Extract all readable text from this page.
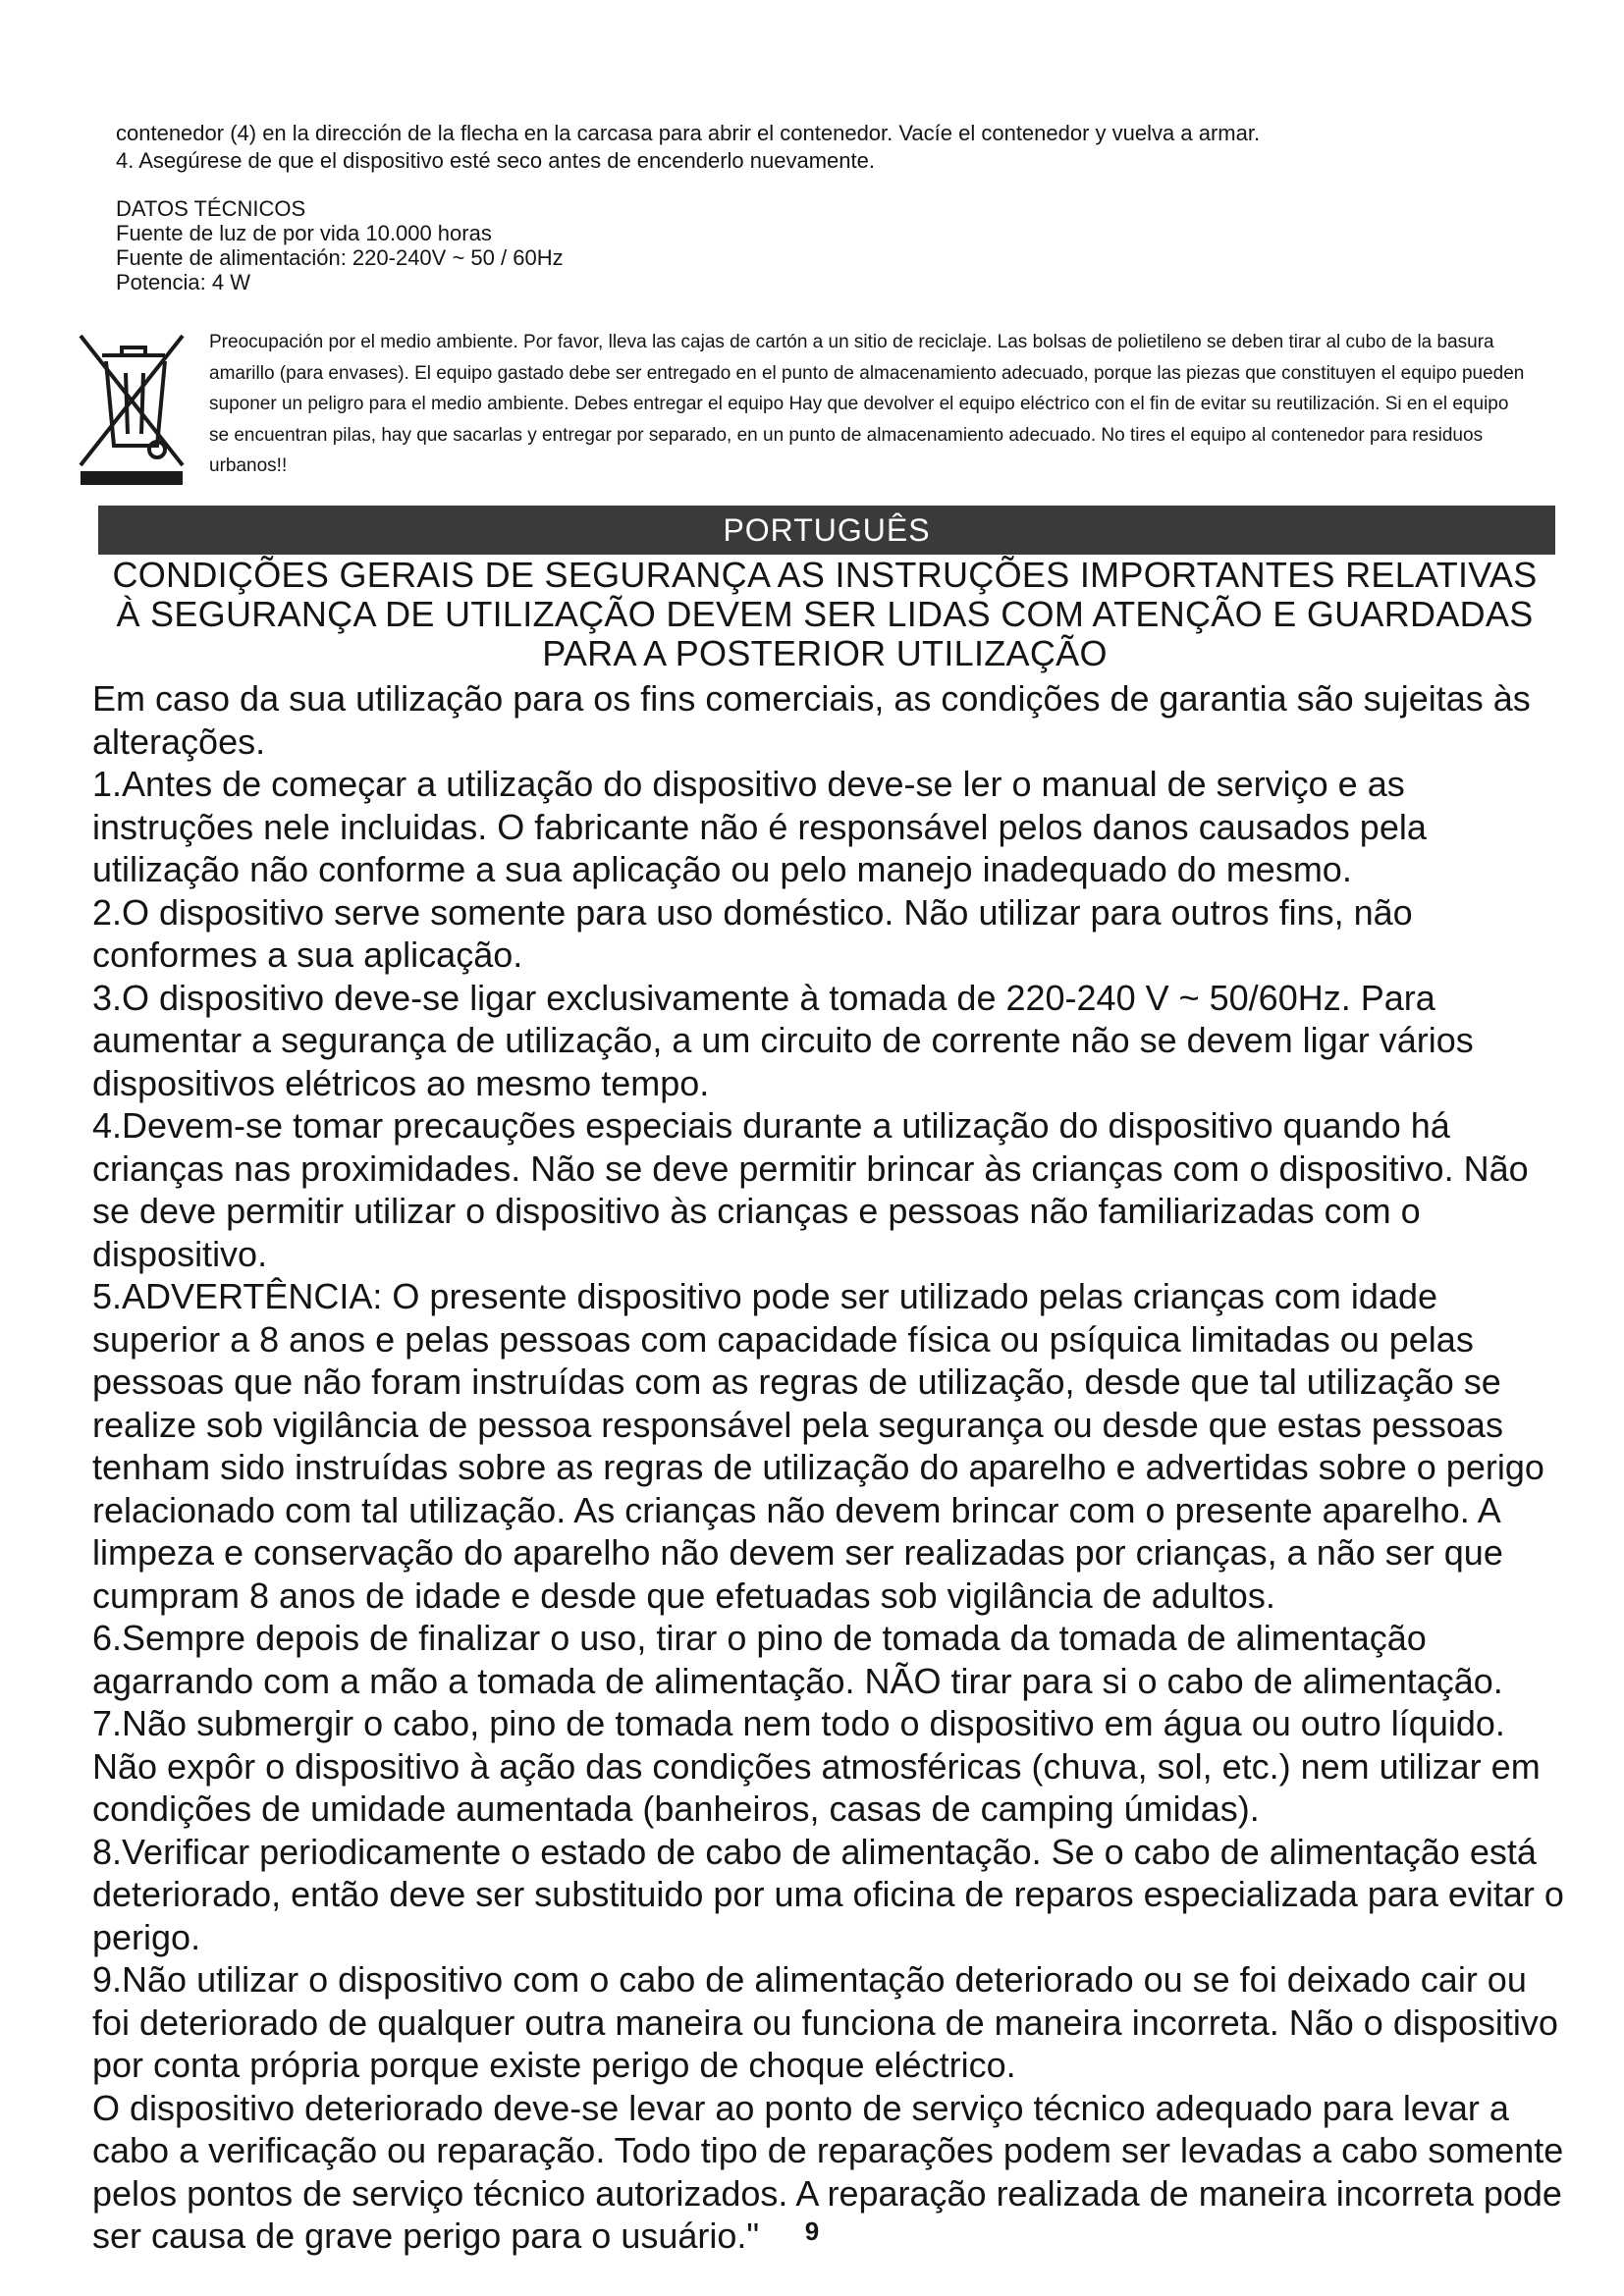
contenedor (4) en la dirección de la flecha en la carcasa para abrir el contenedor. Vacíe el contenedor y vuelva a armar.

4. Asegúrese de que el dispositivo esté seco antes de encenderlo nuevamente.

DATOS TÉCNICOS
Fuente de luz de por vida 10.000 horas
Fuente de alimentación: 220-240V ~ 50 / 60Hz
Potencia: 4 W
Preocupación por el medio ambiente. Por favor, lleva las cajas de cartón a un sitio de reciclaje. Las bolsas de polietileno se deben tirar al cubo de la basura amarillo (para envases). El equipo gastado debe ser entregado en el punto de almacenamiento adecuado, porque las piezas que constituyen el equipo pueden suponer un peligro para el medio ambiente. Debes entregar el equipo Hay que devolver el equipo eléctrico con el fin de evitar su reutilización. Si en el equipo se encuentran pilas, hay que sacarlas y entregar por separado, en un punto de almacenamiento adecuado. No tires el equipo al contenedor para residuos urbanos!!
PORTUGUÊS
CONDIÇÕES GERAIS DE SEGURANÇA AS INSTRUÇÕES IMPORTANTES RELATIVAS
À SEGURANÇA DE UTILIZAÇÃO DEVEM SER LIDAS COM ATENÇÃO E GUARDADAS
PARA A POSTERIOR UTILIZAÇÃO

Em caso da sua utilização para os fins comerciais, as condições de garantia são sujeitas às alterações.

1.Antes de começar a utilização do dispositivo deve-se ler o manual de serviço e as instruções nele incluidas. O fabricante não é responsável pelos danos causados pela utilização não conforme a sua aplicação ou pelo manejo inadequado do mesmo.

2.O dispositivo serve somente para uso doméstico. Não utilizar para outros fins, não conformes a sua aplicação.

3.O dispositivo deve-se ligar exclusivamente à tomada de 220-240 V ~ 50/60Hz. Para aumentar a segurança de utilização, a um circuito de corrente não se devem ligar vários dispositivos elétricos ao mesmo tempo.

4.Devem-se tomar precauções especiais durante a utilização do dispositivo quando há crianças nas proximidades. Não se deve permitir brincar às crianças com o dispositivo. Não se deve permitir utilizar o dispositivo às crianças e pessoas não familiarizadas com o dispositivo.

5.ADVERTÊNCIA: O presente dispositivo pode ser utilizado pelas crianças com idade superior a 8 anos e pelas pessoas com capacidade física ou psíquica limitadas ou pelas pessoas que não foram instruídas com as regras de utilização, desde que tal utilização se realize sob vigilância de pessoa responsável pela segurança ou desde que estas pessoas tenham sido instruídas sobre as regras de utilização do aparelho e advertidas sobre o perigo relacionado com tal utilização. As crianças não devem brincar com o presente aparelho. A limpeza e conservação do aparelho não devem ser realizadas por crianças, a não ser que cumpram 8 anos de idade e desde que efetuadas sob vigilância de adultos.

6.Sempre depois de finalizar o uso, tirar o pino de tomada da tomada de alimentação agarrando com a mão a tomada de alimentação. NÃO tirar para si o cabo de alimentação.

7.Não submergir o cabo, pino de tomada nem todo o dispositivo em água ou outro líquido. Não expôr o dispositivo à ação das condições atmosféricas (chuva, sol, etc.) nem utilizar em condições de umidade aumentada (banheiros, casas de camping úmidas).

8.Verificar periodicamente o estado de cabo de alimentação. Se o cabo de alimentação está deteriorado, então deve ser substituido por uma oficina de reparos especializada para evitar o perigo.

9.Não utilizar o dispositivo com o cabo de alimentação deteriorado ou se foi deixado cair ou foi deteriorado de qualquer outra maneira ou funciona de maneira incorreta. Não o dispositivo por conta própria porque existe perigo de choque eléctrico.

O dispositivo deteriorado deve-se levar ao ponto de serviço técnico adequado para levar a cabo a verificação ou reparação. Todo tipo de reparações podem ser levadas a cabo somente pelos pontos de serviço técnico autorizados. A reparação realizada de maneira incorreta pode ser causa de grave perigo para o usuário."	9
